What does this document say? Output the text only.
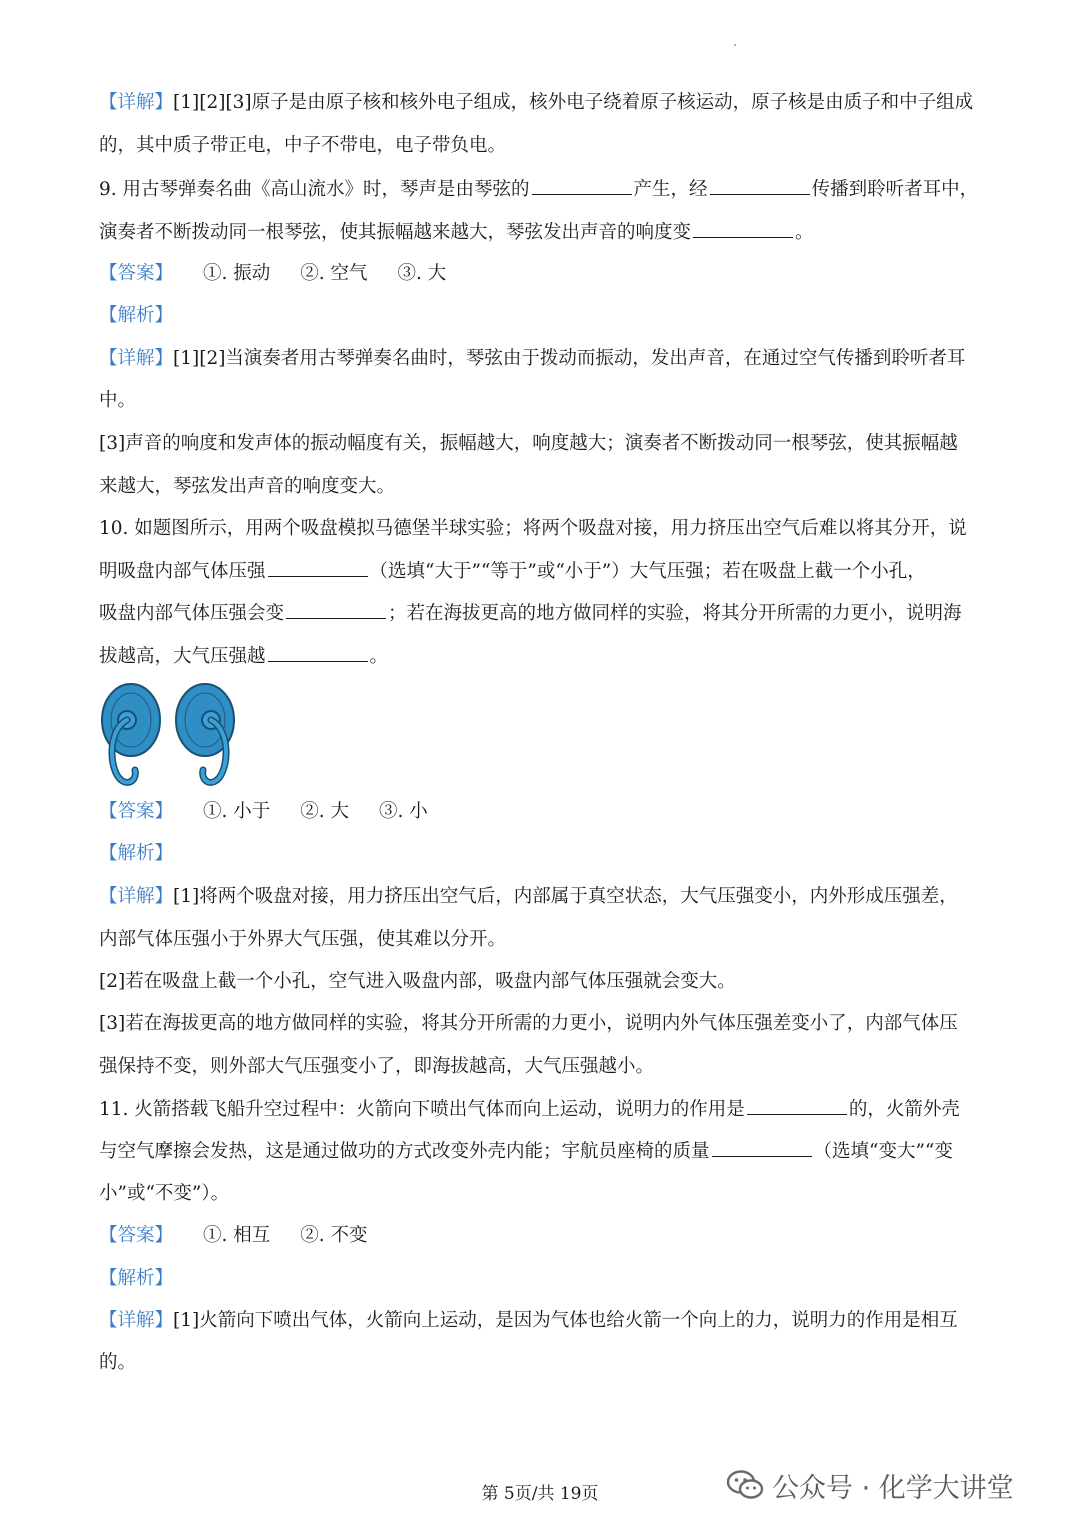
【详解】[1][2][3]原子是由原子核和核外电子组成，核外电子绕着原子核运动，原子核是由质子和中子组成
的，其中质子带正电，中子不带电，电子带负电。
9. 用古琴弹奏名曲《高山流水》时，琴声是由琴弦的	产生，经	传播到聆听者耳中，
演奏者不断拨动同一根琴弦，使其振幅越来越大，琴弦发出声音的响度变	。
【答案】 ①. 振动 ②. 空气 ③. 大
【解析】
【详解】[1][2]当演奏者用古琴弹奏名曲时，琴弦由于拨动而振动，发出声音，在通过空气传播到聆听者耳
中。
[3]声音的响度和发声体的振动幅度有关，振幅越大，响度越大；演奏者不断拨动同一根琴弦，使其振幅越
来越大，琴弦发出声音的响度变大。
10. 如题图所示，用两个吸盘模拟马德堡半球实验；将两个吸盘对接，用力挤压出空气后难以将其分开，说
明吸盘内部气体压强	（选填“大于”“等于”或“小于”）大气压强；若在吸盘上截一个小孔，
吸盘内部气体压强会变	；若在海拔更高的地方做同样的实验，将其分开所需的力更小，说明海
拔越高，大气压强越	。
【答案】 ①. 小于 ②. 大 ③. 小
【解析】
【详解】[1]将两个吸盘对接，用力挤压出空气后，内部属于真空状态，大气压强变小，内外形成压强差，
内部气体压强小于外界大气压强，使其难以分开。
[2]若在吸盘上截一个小孔，空气进入吸盘内部，吸盘内部气体压强就会变大。
[3]若在海拔更高的地方做同样的实验，将其分开所需的力更小，说明内外气体压强差变小了，内部气体压
强保持不变，则外部大气压强变小了，即海拔越高，大气压强越小。
11. 火箭搭载飞船升空过程中：火箭向下喷出气体而向上运动，说明力的作用是	的，火箭外壳
与空气摩擦会发热，这是通过做功的方式改变外壳内能；宇航员座椅的质量	（选填“变大”“变
小”或“不变”）。
【答案】 ①. 相互 ②. 不变
【解析】
【详解】[1]火箭向下喷出气体，火箭向上运动，是因为气体也给火箭一个向上的力，说明力的作用是相互
的。
第 5页/共 19页	公众号 · 化学大讲堂
